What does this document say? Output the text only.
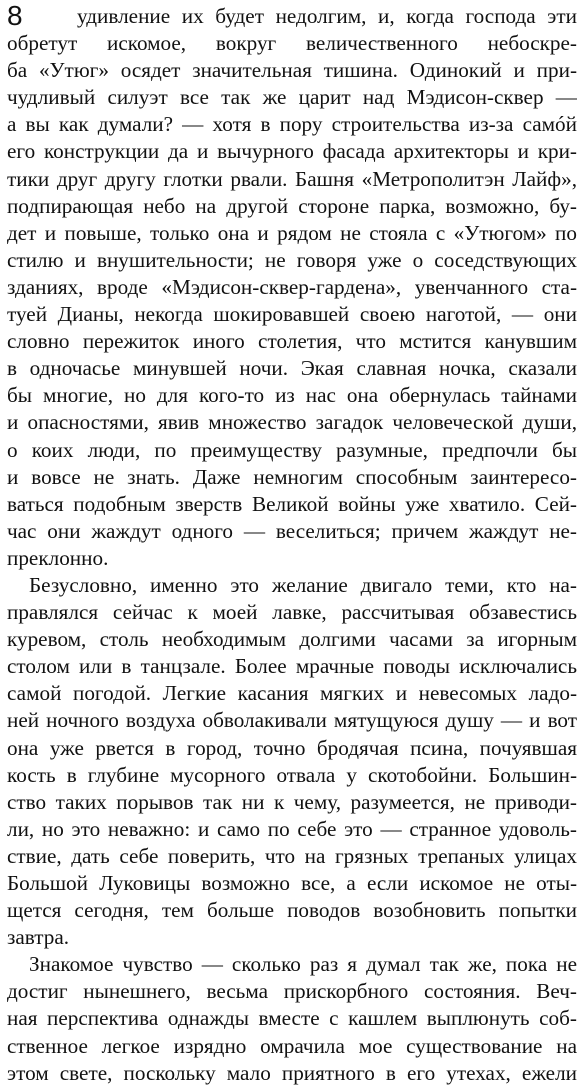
8	удивление их будет недолгим, и, когда господа эти
обретут искомое, вокруг величественного небоскре-
ба «Утюг» осядет значительная тишина. Одинокий и при-
чудливый силуэт все так же царит над Мэдисон-сквер —
а вы как думали? — хотя в пору строительства из-за самóй
его конструкции да и вычурного фасада архитекторы и кри-
тики друг другу глотки рвали. Башня «Метрополитэн Лайф»,
подпирающая небо на другой стороне парка, возможно, бу-
дет и повыше, только она и рядом не стояла с «Утюгом» по
стилю и внушительности; не говоря уже о соседствующих
зданиях, вроде «Мэдисон-сквер-гардена», увенчанного ста-
туей Дианы, некогда шокировавшей своею наготой, — они
словно пережиток иного столетия, что мстится канувшим
в одночасье минувшей ночи. Экая славная ночка, сказали
бы многие, но для кого-то из нас она обернулась тайнами
и опасностями, явив множество загадок человеческой души,
о коих люди, по преимуществу разумные, предпочли бы
и вовсе не знать. Даже немногим способным заинтересо-
ваться подобным зверств Великой войны уже хватило. Сей-
час они жаждут одного — веселиться; причем жаждут не-
преклонно.

Безусловно, именно это желание двигало теми, кто на-
правлялся сейчас к моей лавке, рассчитывая обзавестись
куревом, столь необходимым долгими часами за игорным
столом или в танцзале. Более мрачные поводы исключались
самой погодой. Легкие касания мягких и невесомых ладо-
ней ночного воздуха обволакивали мятущуюся душу — и вот
она уже рвется в город, точно бродячая псина, почуявшая
кость в глубине мусорного отвала у скотобойни. Большин-
ство таких порывов так ни к чему, разумеется, не приводи-
ли, но это неважно: и само по себе это — странное удоволь-
ствие, дать себе поверить, что на грязных трепаных улицах
Большой Луковицы возможно все, а если искомое не оты-
щется сегодня, тем больше поводов возобновить попытки
завтра.

Знакомое чувство — сколько раз я думал так же, пока не
достиг нынешнего, весьма прискорбного состояния. Веч-
ная перспектива однажды вместе с кашлем выплюнуть соб-
ственное легкое изрядно омрачила мое существование на
этом свете, поскольку мало приятного в его утехах, ежели
